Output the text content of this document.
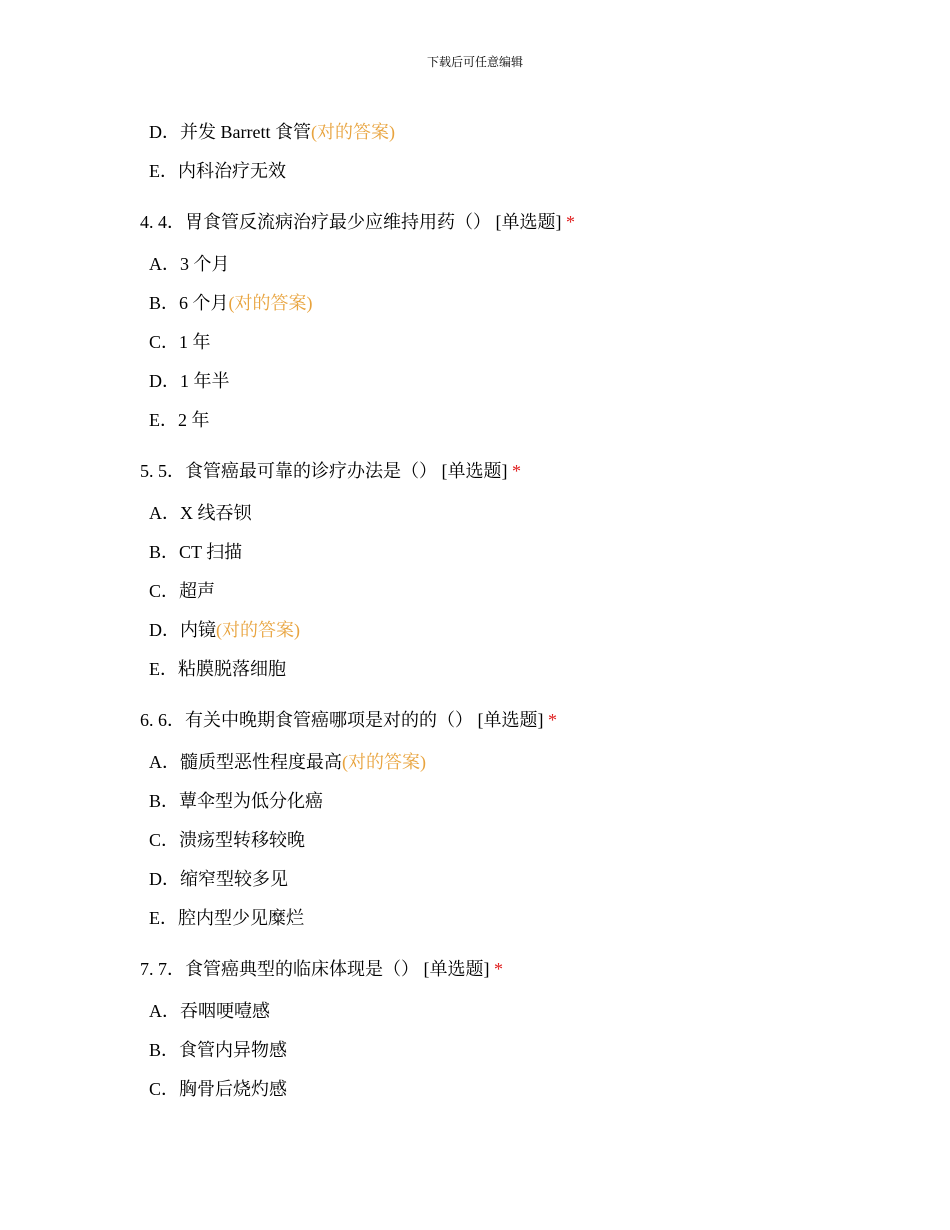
下载后可任意编辑
D．并发 Barrett 食管(对的答案)
E．内科治疗无效
4. 4．胃食管反流病治疗最少应维持用药（） [单选题] *
A．3 个月
B．6 个月(对的答案)
C．1 年
D．1 年半
E．2 年
5. 5．食管癌最可靠的诊疗办法是（） [单选题] *
A．X 线吞钡
B．CT 扫描
C．超声
D．内镜(对的答案)
E．粘膜脱落细胞
6. 6．有关中晚期食管癌哪项是对的的（） [单选题] *
A．髓质型恶性程度最高(对的答案)
B．蕈伞型为低分化癌
C．溃疡型转移较晚
D．缩窄型较多见
E．腔内型少见糜烂
7. 7．食管癌典型的临床体现是（） [单选题] *
A．吞咽哽噎感
B．食管内异物感
C．胸骨后烧灼感
